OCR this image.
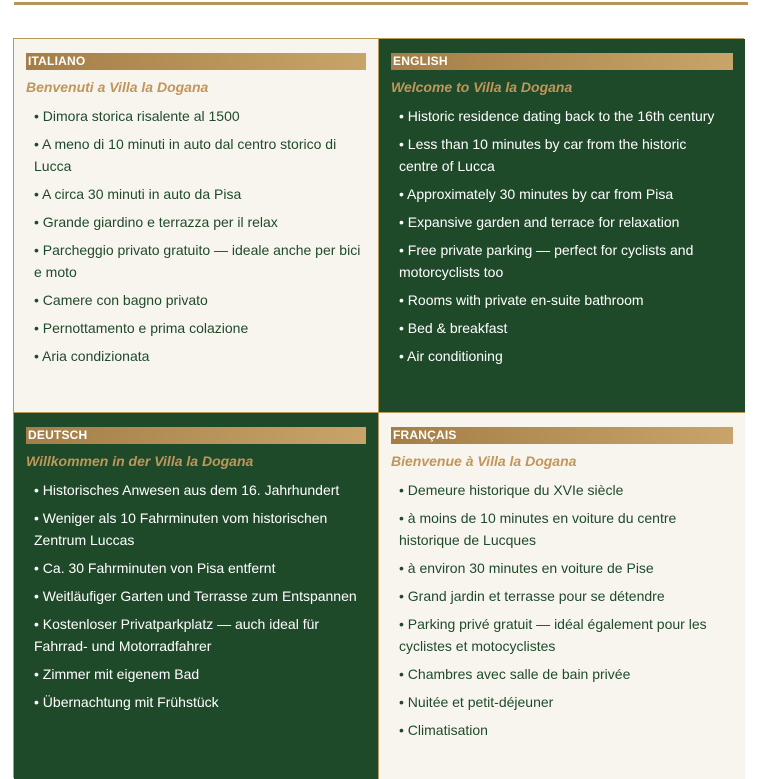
ITALIANO
Benvenuti a Villa la Dogana
• Dimora storica risalente al 1500
• A meno di 10 minuti in auto dal centro storico di Lucca
• A circa 30 minuti in auto da Pisa
• Grande giardino e terrazza per il relax
• Parcheggio privato gratuito — ideale anche per bici e moto
• Camere con bagno privato
• Pernottamento e prima colazione
• Aria condizionata
ENGLISH
Welcome to Villa la Dogana
• Historic residence dating back to the 16th century
• Less than 10 minutes by car from the historic centre of Lucca
• Approximately 30 minutes by car from Pisa
• Expansive garden and terrace for relaxation
• Free private parking — perfect for cyclists and motorcyclists too
• Rooms with private en-suite bathroom
• Bed & breakfast
• Air conditioning
DEUTSCH
Willkommen in der Villa la Dogana
• Historisches Anwesen aus dem 16. Jahrhundert
• Weniger als 10 Fahrminuten vom historischen Zentrum Luccas
• Ca. 30 Fahrminuten von Pisa entfernt
• Weitläufiger Garten und Terrasse zum Entspannen
• Kostenloser Privatparkplatz — auch ideal für Fahrrad- und Motorradfahrer
• Zimmer mit eigenem Bad
• Übernachtung mit Frühstück
FRANÇAIS
Bienvenue à Villa la Dogana
• Demeure historique du XVIe siècle
• à moins de 10 minutes en voiture du centre historique de Lucques
• à environ 30 minutes en voiture de Pise
• Grand jardin et terrasse pour se détendre
• Parking privé gratuit — idéal également pour les cyclistes et motocyclistes
• Chambres avec salle de bain privée
• Nuitée et petit-déjeuner
• Climatisation
